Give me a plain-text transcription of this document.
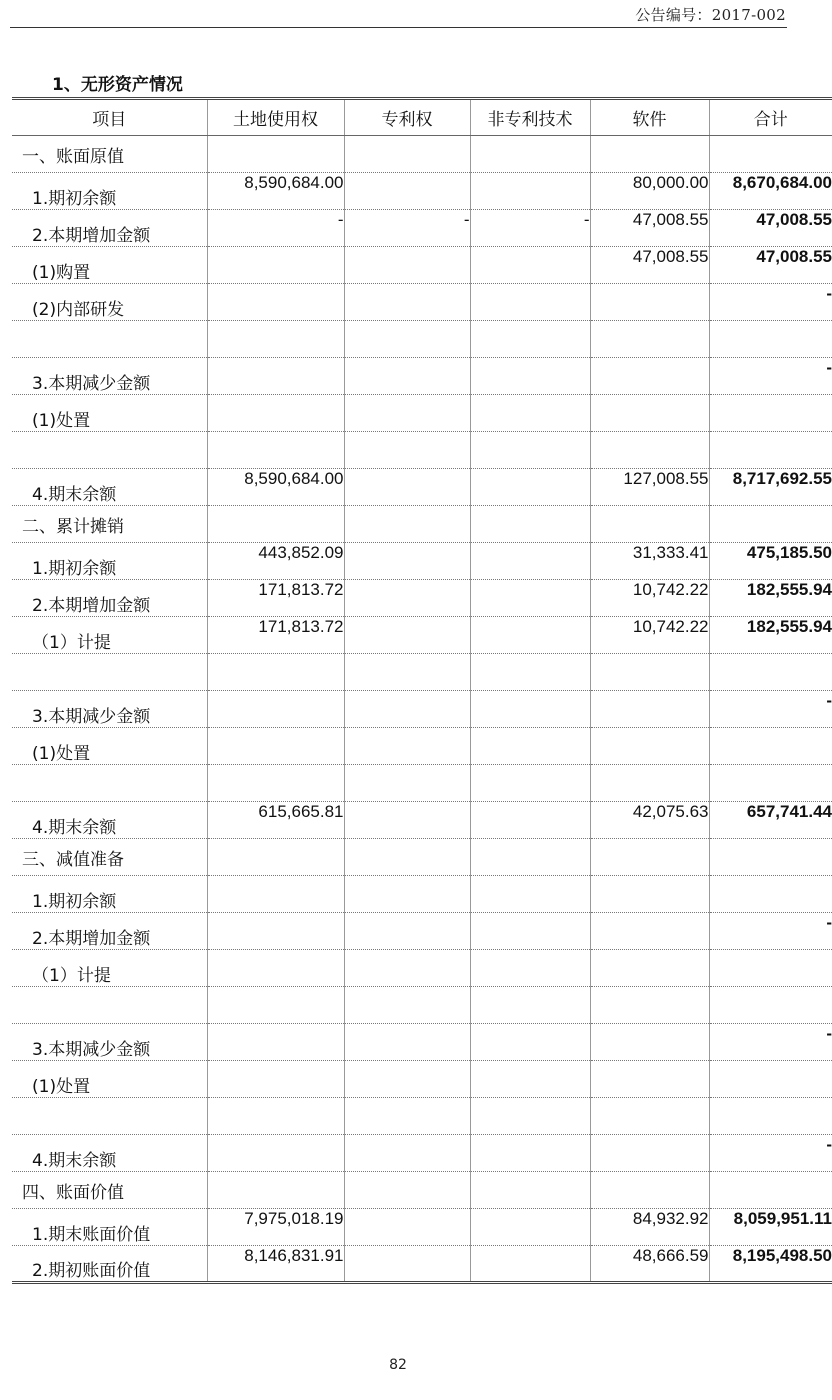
公告编号：2017-002
1、无形资产情况
项目	土地使用权	专利权	非专利技术	软件	合计
一、账面原值					
1.期初余额	8,590,684.00			80,000.00	8,670,684.00
2.本期增加金额	-	-	-	47,008.55	47,008.55
(1)购置				47,008.55	47,008.55
(2)内部研发					-

3.本期减少金额					-
(1)处置					

4.期末余额	8,590,684.00			127,008.55	8,717,692.55
二、累计摊销					
1.期初余额	443,852.09			31,333.41	475,185.50
2.本期增加金额	171,813.72			10,742.22	182,555.94
（1）计提	171,813.72			10,742.22	182,555.94

3.本期减少金额					-
(1)处置					

4.期末余额	615,665.81			42,075.63	657,741.44
三、减值准备					
1.期初余额					
2.本期增加金额					-
（1）计提					

3.本期减少金额					-
(1)处置					

4.期末余额					-
四、账面价值					
1.期末账面价值	7,975,018.19			84,932.92	8,059,951.11
2.期初账面价值	8,146,831.91			48,666.59	8,195,498.50
82
